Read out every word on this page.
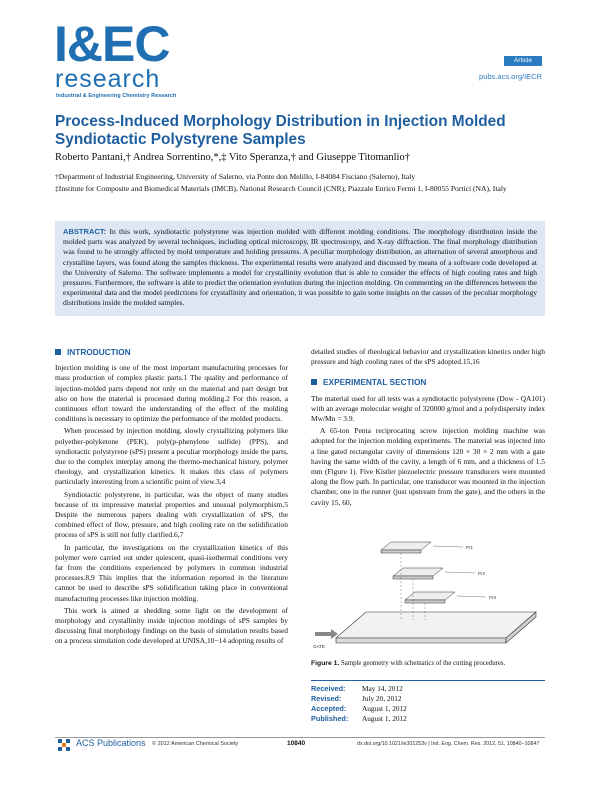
I&EC
research
Industrial & Engineering Chemistry Research
Article
pubs.acs.org/IECR
Process-Induced Morphology Distribution in Injection Molded Syndiotactic Polystyrene Samples
Roberto Pantani,† Andrea Sorrentino,*,‡ Vito Speranza,† and Giuseppe Titomanlio†
†Department of Industrial Engineering, University of Salerno, via Ponte don Melillo, I-84084 Fisciano (Salerno), Italy
‡Institute for Composite and Biomedical Materials (IMCB), National Research Council (CNR), Piazzale Enrico Fermi 1, I-80055 Portici (NA), Italy
ABSTRACT: In this work, syndiotactic polystyrene was injection molded with different molding conditions. The morphology distribution inside the molded parts was analyzed by several techniques, including optical microscopy, IR spectroscopy, and X-ray diffraction. The final morphology distribution was found to be strongly affected by mold temperature and holding pressures. A peculiar morphology distribution, an alternation of several amorphous and crystalline layers, was found along the samples thickness. The experimental results were analyzed and discussed by means of a software code developed at the University of Salerno. The software implements a model for crystallinity evolution that is able to consider the effects of high cooling rates and high pressures. Furthermore, the software is able to predict the orientation evolution during the injection molding. On commenting on the differences between the experimental data and the model predictions for crystallinity and orientation, it was possible to gain some insights on the causes of the peculiar morphology distributions inside the molded samples.
INTRODUCTION

Injection molding is one of the most important manufacturing processes for mass production of complex plastic parts.1 The quality and performance of injection-molded parts depend not only on the material and part design but also on how the material is processed during molding.2 For this reason, a continuous effort toward the understanding of the effect of the molding conditions is necessary to optimize the performance of the molded products.

When processed by injection molding, slowly crystallizing polymers like polyether-polyketone (PEK), poly(p-phenylene sulfide) (PPS), and syndiotactic polystyrene (sPS) present a peculiar morphology inside the parts, due to the complex interplay among the thermo-mechanical history, polymer rheology, and crystallization kinetics. It makes this class of polymers particularly interesting from a scientific point of view.3,4

Syndiotactic polystyrene, in particular, was the object of many studies because of its impressive material properties and unusual polymorphism.5 Despite the numerous papers dealing with crystallization of sPS, the combined effect of flow, pressure, and high cooling rate on the solidification process of sPS is still not fully clarified.6,7

In particular, the investigations on the crystallization kinetics of this polymer were carried out under quiescent, quasi-isothermal conditions very far from the conditions experienced by polymers in common industrial processes.8,9 This implies that the information reported in the literature cannot be used to describe sPS solidification taking place in conventional manufacturing processes like injection molding.

This work is aimed at shedding some light on the development of morphology and crystallinity inside injection moldings of sPS samples by discussing final morphology findings on the basis of simulation results based on a process simulation code developed at UNISA,10−14 adopting results of

detailed studies of rheological behavior and crystallization kinetics under high pressure and high cooling rates of the sPS adopted.15,16

EXPERIMENTAL SECTION

The material used for all tests was a syndiotactic polystyrene (Dow - QA101) with an average molecular weight of 320000 g/mol and a polydispersity index Mw/Mn = 3.9.

A 65-ton Penta reciprocating screw injection molding machine was adopted for the injection molding experiments. The material was injected into a line gated rectangular cavity of dimensions 120 × 30 × 2 mm with a gate having the same width of the cavity, a length of 6 mm, and a thickness of 1.5 mm (Figure 1). Five Kistler piezoelectric pressure transducers were mounted along the flow path. In particular, one transducer was mounted in the injection chamber, one in the runner (just upstream from the gate), and the others in the cavity 15, 60,

GATE
Pr1
Pr2
Pr3
Figure 1. Sample geometry with schematics of the cutting procedures.
Received: May 14, 2012
Revised:	July 20, 2012
Accepted: August 1, 2012
Published: August 1, 2012
ACS Publications © 2012 American Chemical Society	10840	dx.doi.org/10.1021/ie301253v | Ind. Eng. Chem. Res. 2012, 51, 10840−10847
